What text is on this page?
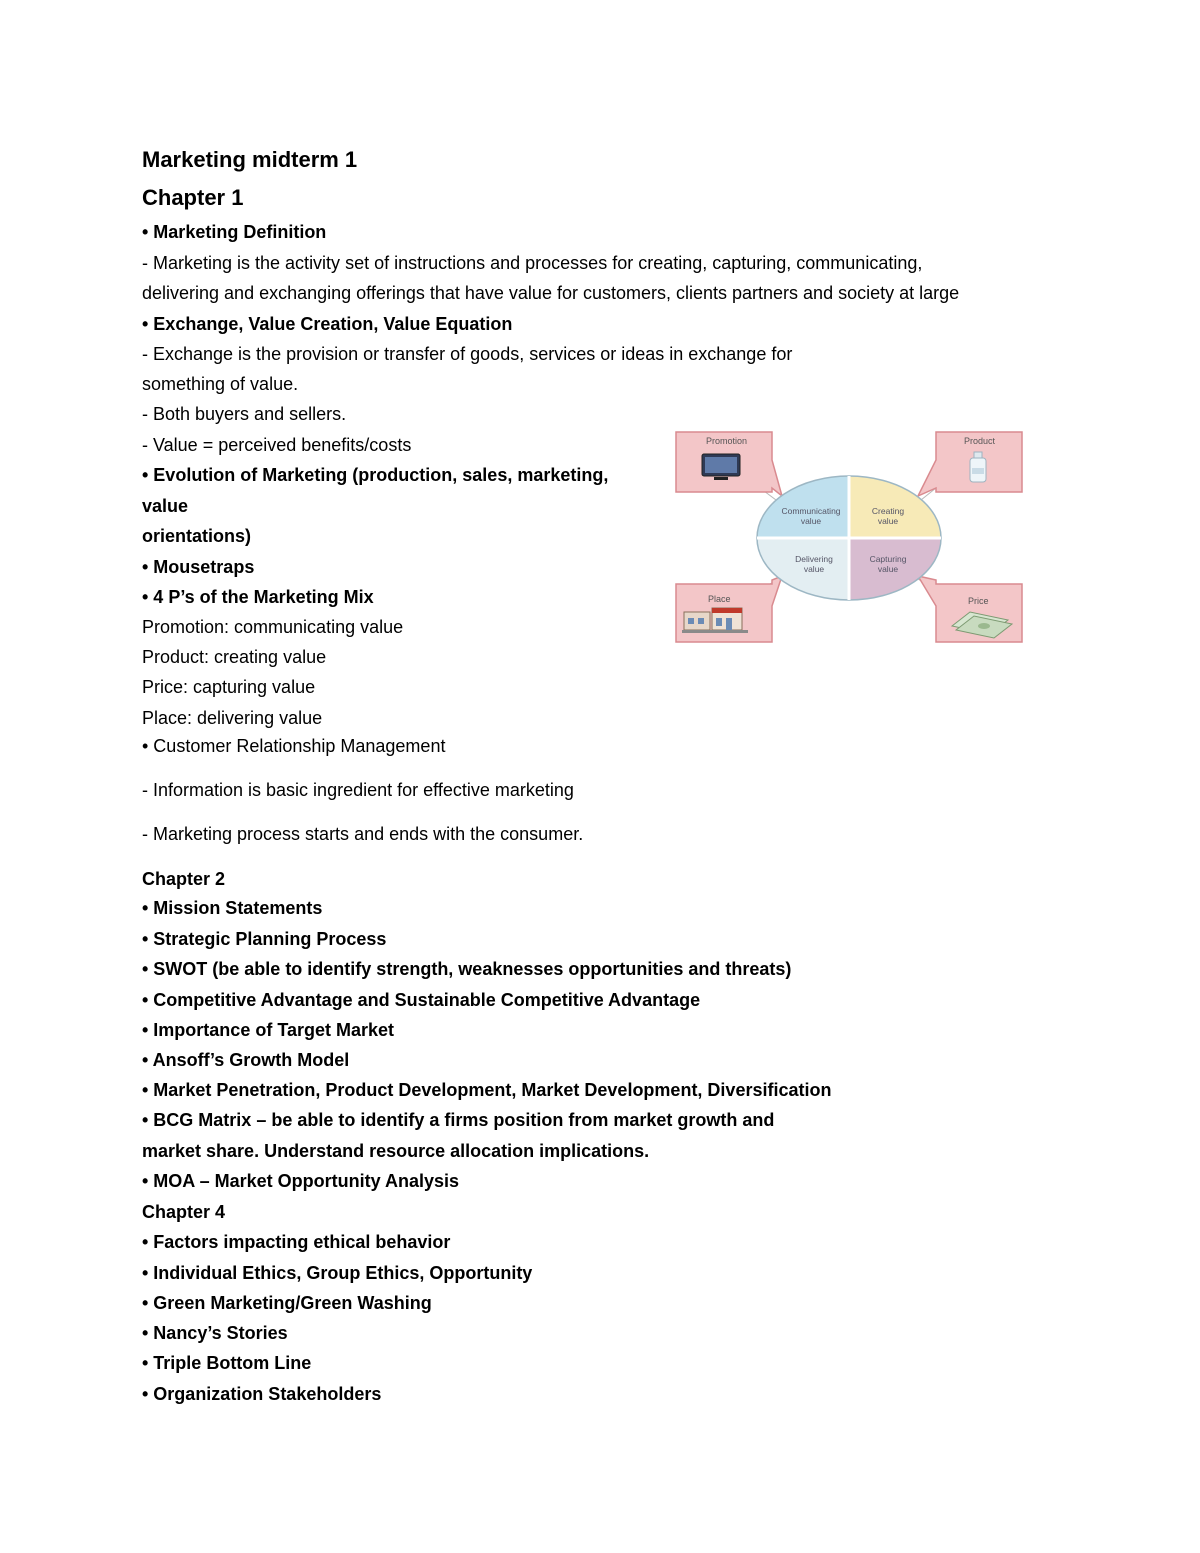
Marketing midterm 1
Chapter 1
• Marketing Definition
- Marketing is the activity set of instructions and processes for creating, capturing, communicating,
delivering and exchanging offerings that have value for customers, clients partners and society at large
• Exchange, Value Creation, Value Equation
- Exchange is the provision or transfer of goods, services or ideas in exchange for
something of value.
- Both buyers and sellers.
- Value = perceived benefits/costs
• Evolution of Marketing (production, sales, marketing,
value
orientations)
• Mousetraps
• 4 P’s of the Marketing Mix
Promotion: communicating value
Product: creating value
Price: capturing value
Place: delivering value
• Customer Relationship Management
- Information is basic ingredient for effective marketing
- Marketing process starts and ends with the consumer.
Chapter 2
• Mission Statements
• Strategic Planning Process
• SWOT (be able to identify strength, weaknesses opportunities and threats)
• Competitive Advantage and Sustainable Competitive Advantage
• Importance of Target Market
• Ansoff’s Growth Model
• Market Penetration, Product Development, Market Development, Diversification
• BCG Matrix – be able to identify a firms position from market growth and
market share. Understand resource allocation implications.
• MOA – Market Opportunity Analysis
Chapter 4
• Factors impacting ethical behavior
• Individual Ethics, Group Ethics, Opportunity
• Green Marketing/Green Washing
• Nancy’s Stories
• Triple Bottom Line
• Organization Stakeholders
Promotion	Product
Place	Price
Communicating
value
Creating
value
Delivering
value
Capturing
value
